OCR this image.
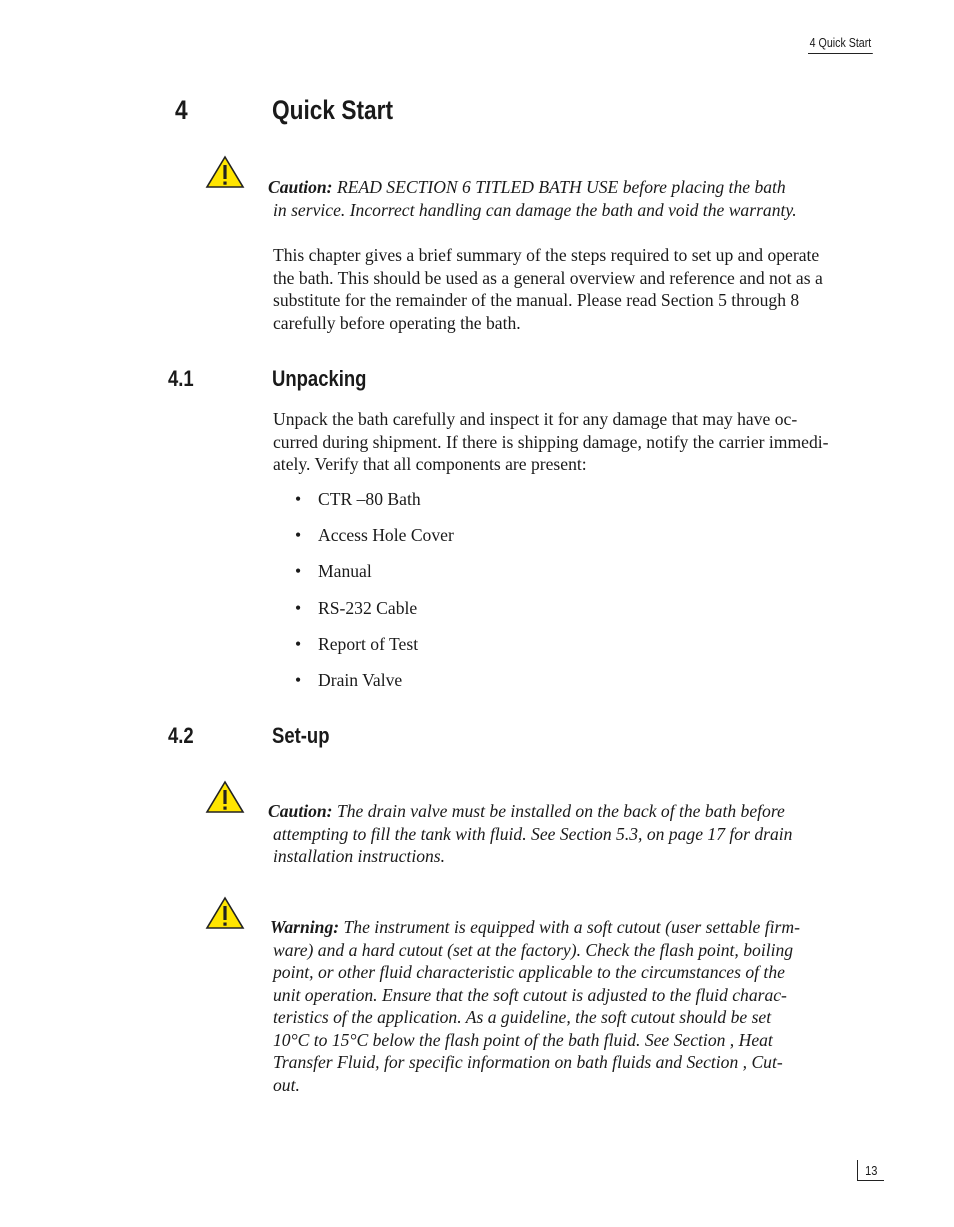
4 Quick Start
4	Quick Start
Caution: READ SECTION 6 TITLED BATH USE before placing the bath
in service. Incorrect handling can damage the bath and void the warranty.
This chapter gives a brief summary of the steps required to set up and operate
the bath. This should be used as a general overview and reference and not as a
substitute for the remainder of the manual. Please read Section 5 through 8
carefully before operating the bath.
4.1	Unpacking
Unpack the bath carefully and inspect it for any damage that may have oc-
curred during shipment. If there is shipping damage, notify the carrier immedi-
ately. Verify that all components are present:
• CTR –80 Bath
• Access Hole Cover
• Manual
• RS-232 Cable
• Report of Test
• Drain Valve
4.2	Set-up
Caution: The drain valve must be installed on the back of the bath before
attempting to fill the tank with fluid. See Section 5.3, on page 17 for drain
installation instructions.
Warning: The instrument is equipped with a soft cutout (user settable firm-
ware) and a hard cutout (set at the factory). Check the flash point, boiling
point, or other fluid characteristic applicable to the circumstances of the
unit operation. Ensure that the soft cutout is adjusted to the fluid charac-
teristics of the application. As a guideline, the soft cutout should be set
10°C to 15°C below the flash point of the bath fluid. See Section , Heat
Transfer Fluid, for specific information on bath fluids and Section , Cut-
out.
13
